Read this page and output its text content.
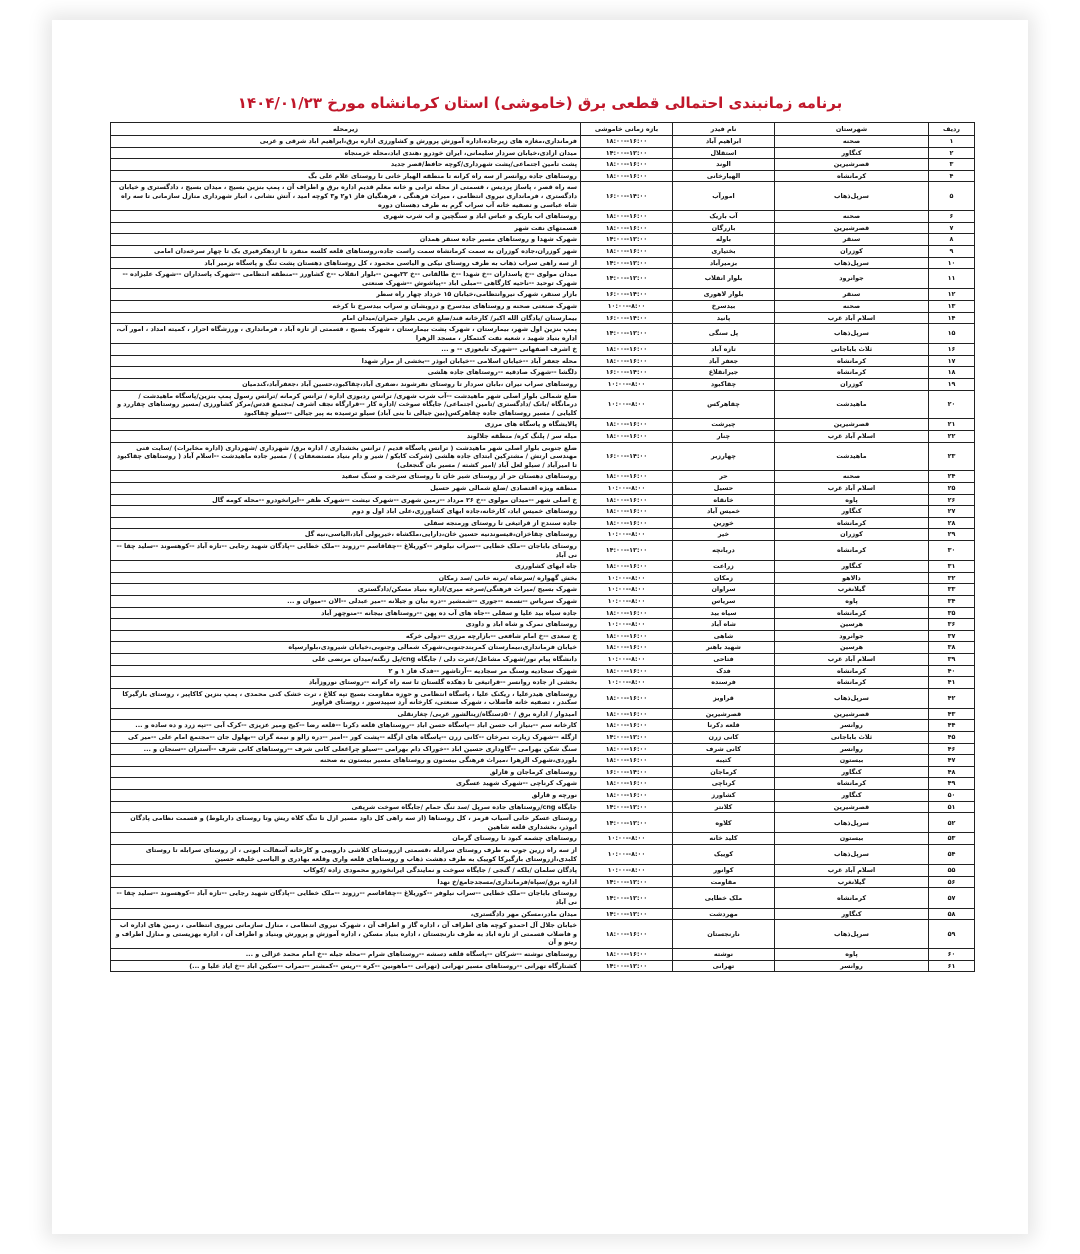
برنامه زمانبندی احتمالی قطعی برق (خاموشی) استان کرمانشاه مورخ ۱۴۰۴/۰۱/۲۳
ردیف	شهرستان	نام فیدر	بازه زمانی خاموشی	زیرمحله
۱	صحنه	ابراهیم آباد	۱۸:۰۰--۱۶:۰۰	فرمانداری،مغازه های زیرجاده،اداره آموزش پرورش و کشاورزی اداره برق،ابراهیم اباد شرقی و غربی
۲	کنگاور	استقلال	۱۴:۰۰--۱۲:۰۰	میدان ازادی،خیابان سردار سلیمانی، ایران خودرو ،هندی اباد،محله خرمنجاه
۳	قصرشیرین	الوند	۱۸:۰۰--۱۶:۰۰	پشت تامین اجتماعی/پشت شهرداری/کوچه حافظ/قصر جدید
۴	کرمانشاه	الهیارخانی	۱۸:۰۰--۱۶:۰۰	روستاهای جاده روانسر از سه راه کرانه تا منطقه الهیار خانی تا روستای غلام علی بگ
۵	سرپل‌ذهاب	امورآب	۱۶:۰۰--۱۴:۰۰	سه راه قصر ، پاساژ پردیس ، قسمتی از محله ترابی و خانه معلم قدیم اداره برق و اطراف آن ، پمپ بنزین بسیج ، میدان بسیج ، دادگستری و خیابان دادگستری ، فرمانداری نیروی انتظامی ، میراث فرهنگی ، فرهنگیان فاز ۱و۲ و۳ کوچه امید ، آتش نشانی ، انبار شهرداری منازل سازمانی تا سه راه شاه عباسی و تصفیه خانه آب سراب گرم به طرف دهستان دوره
۶	صحنه	آب باریک	۱۸:۰۰--۱۶:۰۰	روستاهای اب باریک و عباس اباد و سنگچین و اب شرب شهری
۷	قصرشیرین	بازرگان	۱۸:۰۰--۱۶:۰۰	قسمتهای نفت شهر
۸	سنقر	باوله	۱۴:۰۰--۱۲:۰۰	شهرک شهدا و روستاهای مسیر جاده سنقر همدان
۹	کوزران	بختیاری	۱۸:۰۰--۱۶:۰۰	شهر کوزران،جاده کوزران به سمت کرمانشاه سمت راست جاده،روستاهای قلعه کلسه منفرد تا ازدهکرفیری یک تا چهار سرخه‌دان امامی
۱۰	سرپل‌ذهاب	بزمیرآباد	۱۴:۰۰--۱۲:۰۰	از سه راهی سراب ذهاب به طرف روستای نیکی و الیاسی محمود ، کل روستاهای دهستان پشت تنگ و پاسگاه بزمیر آباد
۱۱	جوانرود	بلوار انقلاب	۱۴:۰۰--۱۲:۰۰	میدان مولوی --خ پاسداران --خ شهدا --خ طالقانی --خ ۲۲بهمن --بلوار انقلاب --خ کشاورز --منطقه انتظامی --شهرک پاسداران --شهرک علیزاده --شهرک توحید --ناحیه کارگاهی --مبلی اباد --پیاشوش --شهرک صنعتی
۱۲	سنقر	بلوار لاهوری	۱۶:۰۰--۱۴:۰۰	بازار سنقر، شهرک نیروانتظامی،خیابان ۱۵ خرداد چهار راه سطر
۱۳	صحنه	بیدسرخ	۱۰:۰۰--۸:۰۰	شهرک صنعتی صحنه و روستاهای بیدسرخ و درویشان و سراب بیدسرخ تا کرخه
۱۴	اسلام آباد غرب	پانید	۱۶:۰۰--۱۴:۰۰	بیمارستان /پادگان الله اکبر/ کارخانه قند/ضلع غربی بلوار جمران/میدان امام
۱۵	سرپل‌ذهاب	پل سنگی	۱۴:۰۰--۱۲:۰۰	پمپ بنزین اول شهر، بیمارستان ، شهرک پشت بیمارستان ، شهرک بسیج ، قسمتی از تازه آباد ، فرمانداری ، ورزشگاه احرار ، کمیته امداد ، امور آب، اداره بنیاد شهید ، شعبه نفت کنتمکار ، مسجد الزهرا
۱۶	ثلاث باباجانی	تازه آباد	۱۸:۰۰--۱۶:۰۰	خ اشرف اصفهانی --شهرک تابعوزی -- و ...
۱۷	کرمانشاه	جعفر آباد	۱۸:۰۰--۱۶:۰۰	محله جعفر آباد --خیابان اسلامی --خیابان ابوذر --بخشی از مزار شهدا
۱۸	کرمانشاه	جیرانقلاع	۱۶:۰۰--۱۴:۰۰	دلگشا --شهرک صادقیه --روستاهای جاده هلشی
۱۹	کوزران	چقاکبود	۱۰:۰۰--۸:۰۰	روستاهای سراب نیران ،بابان سردار تا روستای نفرشوند ،ضفری آباد،چقاکبود،حسین آباد ،جعفرآباد،کندمیان
۲۰	ماهیدشت	چقاهرکس	۱۰:۰۰--۸:۰۰	ضلع شمالی بلوار اصلی شهر ماهیدشت --آب شرب شهری/ ترانس ردیوزی اداره / ترانس کرمانه /ترانس رسول پمپ بنزین/پاسگاه ماهیدشت / درمانگاه /بانک /دادگستری /تامین اجتماعی/ جایگاه سوخت /اداره کار --قرارگاه نجف اشرف /مجتمع قدس/مرکز کشاورزی /مسیر روستاهای چقاررد و کلیایی / مسیر روستاهای جاده چقاهرکس(بین جیالی تا بنی آباد) سیلو ترسیده به پیر جیالی --سیلو چقاکبود
۲۱	قصرشیرین	چیرشت	۱۸:۰۰--۱۶:۰۰	پالایشگاه و پاسگاه های مرزی
۲۲	اسلام آباد غرب	چنار	۱۸:۰۰--۱۶:۰۰	میله سر / پلنگ کره/ منطقه جلالوند
۲۳	ماهیدشت	چهارزبر	۱۶:۰۰--۱۴:۰۰	ضلع جنوبی بلوار اصلی شهر ماهیدشت ( ترانس پاسگاه قدیم / ترانس بخشداری / اداره برق/ شهرداری /شهرداری (اداره مخابرات) /سایت فنی مهندسی ارتش / مشترکین ابتدای جاده هلشی (شرکت کابکو / شیر و دام بنیاد مستضعفان ) / مسیر جاده ماهیدشت --اسلام آباد ( روستاهای چقاکبود تا امیرآباد / سیلو لعل آباد /امیر کشته / مسیر بان گنجعلی)
۲۴	صحنه	حر	۱۸:۰۰--۱۶:۰۰	روستاهای دهستان حر از روستای شیر خان تا روستای سرخت و سنگ سفید
۲۵	اسلام آباد غرب	حسیل	۱۰:۰۰--۸:۰۰	منطقه ویژه اقتصادی /ضلع شمالی شهر حسیل
۲۶	پاوه	خانقاه	۱۸:۰۰--۱۶:۰۰	خ اصلی شهر --میدان مولوی --خ ۲۶ مرداد --زمین شهری --شهرک نیشت --شهرک ظفر --ایرانخودرو --محله کومه گال
۲۷	کنگاور	خمیس آباد	۱۸:۰۰--۱۶:۰۰	روستاهای خمیس اباد، کارخانه،جاده ابهای کشاورزی،علی اباد اول و دوم
۲۸	کرمانشاه	خورین	۱۸:۰۰--۱۶:۰۰	جاده سنندج از قراتیغی تا روستای ورمنجه سفلی
۲۹	کوزران	خیر	۱۰:۰۰--۸:۰۰	روستاهای چقاخزان،قیسوندنیه حسین خان،دارایی،ملکشاه ،خیرپولی آباد،الیاسی،نیه گل
۳۰	کرمانشاه	دربانچه	۱۴:۰۰--۱۲:۰۰	روستای باباجان --ملک خطایی --سراب نیلوفر --کوریلاغ --چقاقاسم --رزوند --ملک خطایی --پادگان شهید رجایی --تازه آباد --کوهسوند --سلید چقا --نی آباد
۳۱	کنگاور	زراعت	۱۸:۰۰--۱۶:۰۰	جاه ابهای کشاورزی
۳۲	دالاهو	زمکان	۱۰:۰۰--۸:۰۰	بخش گهواره /سرشاه /برنه خانی /سد زمکان
۳۳	گیلانغرب	سراوان	۱۰:۰۰--۸:۰۰	شهرک بسیج /میراث فرهنگی/سرخه میری/اداره بنیاد مسکن/دادگستری
۳۴	پاوه	سریاس	۱۰:۰۰--۸:۰۰	شهرک سریاس --نسمه --جوری --شمشیر --دره بیان و جیلانه --میر عبدلی --الان --میوان و ...
۳۵	کرمانشاه	سیاه بید	۱۸:۰۰--۱۶:۰۰	جاده سیاه بید علیا و سفلی --جاه های آب ده پهن --روستاهای بیجانه --منوچهر آباد
۳۶	هرسین	شاه آباد	۱۰:۰۰--۸:۰۰	روستاهای نمرک و شاه اباد و داودی
۳۷	جوانرود	شاهی	۱۸:۰۰--۱۶:۰۰	خ سعدی --خ امام شافعی --بازارچه مرزی --دولی خرکه
۳۸	هرسین	شهید باهنر	۱۸:۰۰--۱۶:۰۰	خیابان فرمانداری،بیمارستان کمربندجنوبی،شهرک شمالی وجنوبی،خیابان شیرودی،بلوارسپاه
۳۹	اسلام آباد غرب	فتاحی	۱۰:۰۰--۸:۰۰	دانشگاه پیام نور/شهرک مشاغل/عترت دلی / جایگاه cng/پل زنگنه/میدان مرتضی علی
۴۰	کرمانشاه	فدک	۱۸:۰۰--۱۶:۰۰	شهرک سجادیه وسنگ مر سجادیه --آرتاشهر --فدک فاز ۱ و ۲
۴۱	کرمانشاه	فرسنده	۱۰:۰۰--۸:۰۰	بخشی از جاده روانسر --قراتیغی تا دهکده گلستان تا سه راه کرانه --روستای نوروزآباد
۴۲	سرپل‌ذهاب	قراویز	۱۸:۰۰--۱۶:۰۰	روستاهای هیدرعلیا ، ریکنک علیا ، پاسگاه انتظامی و حوزه مقاومت بسیج تپه کلاغ ، ترت خشک کنی محمدی ، پمپ بنزین کاکاپیر ، روستای بازگیرکا سکندر ، تصفیه خانه فاضلاب ، شهرک صنعتی، کارخانه آرد سپیدسور ، روستای قراویز
۴۳	قصرشیرین	قصرشیرین	۱۸:۰۰--۱۶:۰۰	امیدوار / اداره برق / ۵۰دستگاه/زینالشور غربی/ چغارنقلی
۴۴	روانسر	قلعه دکرنا	۱۸:۰۰--۱۶:۰۰	کارخانه سم --بنیاز اب حسن اباد --پاسگاه حسن اباد --روستاهای قلعه دکرنا --قلعه رضا --کیج ومیر عزیزی --کرک آبی --تپه زرد و ده ساده و ...
۴۵	ثلاث باباجانی	کانی زرن	۱۴:۰۰--۱۲:۰۰	ازگله --شهرک زیارت تمرخان --کانی زرن --پاسگاه های ازگله --پشت کور --امیر --دره زالو و نیمه گران --بهلول جان --مجتمع امام علی --میر کی
۴۶	روانسر	کانی شرف	۱۸:۰۰--۱۶:۰۰	سنگ شکن بهرامی --گاوداری حسین اباد --خوراک دام بهرامی --سیلو چراغعلی کانی شرف --روستاهای کانی شرف --آستران --سنجان و ...
۴۷	بیستون	کتیبه	۱۸:۰۰--۱۶:۰۰	بلوردی،شهرک الزهرا ،میراث فرهنگی بیستون و روستاهای مسیر بیستون به صحنه
۴۸	کنگاور	کرماجان	۱۶:۰۰--۱۴:۰۰	روستاهای کرماجان و قارلق
۴۹	کرمانشاه	کرناچی	۱۸:۰۰--۱۶:۰۰	شهرک کرناچی --شهرک شهید عسگری
۵۰	کنگاور	کشاورز	۱۸:۰۰--۱۶:۰۰	نورچه و قارلق
۵۱	قصرشیرین	کلانتر	۱۴:۰۰--۱۲:۰۰	جایگاه cng/روستاهای جاده سرپل /سد تنگ حمام /جایگاه سوخت شریفی
۵۲	سرپل‌ذهاب	کلاوه	۱۴:۰۰--۱۲:۰۰	روستای عسکر خانی آسیاب قرمز ، کل روستاها (از سه راهی کل داود مسیر ازل تا تنگ کلاه ریش وتا روستای داربلوط) و قسمت نظامی پادگان ابوذر، بخشداری قلعه شاهین
۵۳	بیستون	کلید خانه	۱۰:۰۰--۸:۰۰	روستاهای چشمه کبود تا روستای گرمان
۵۴	سرپل‌ذهاب	کوییک	۱۰:۰۰--۸:۰۰	از سه راه زرین جوب به طرف روستای سرابله ،قسمتی ازروستای کلاشی داروییی و کارخانه آسفالت ابونی ، از روستای سرابله تا روستای کلبدی،ازروستای بازگیرکا کوییک به طرف دهشت ذهاب و روستاهای قلعه واری وقلعه بهادری و الیاسی خلیفه حسین
۵۵	اسلام آباد غرب	کوانور	۱۰:۰۰--۸:۰۰	پادگان سلمان /بلکه / گنجی / جایگاه سوخت و نمایندگی ایرانخودرو محمودی زاده /کوکاب
۵۶	گیلانغرب	مقاومت	۱۴:۰۰--۱۲:۰۰	اداره برق/سپاه/فرمانداری/مسجدجامع/خ نهدا
۵۷	کرمانشاه	ملک خطایی	۱۴:۰۰--۱۲:۰۰	روستای باباجان --ملک خطایی --سراب نیلوفر --کوریلاغ --چقاقاسم --رزوند --ملک خطایی --پادگان شهید رجایی --تازه آباد --کوهسوند --سلید چقا --نی آباد
۵۸	کنگاور	مهردشت	۱۴:۰۰--۱۲:۰۰	میدان مادر،مسکن مهر دادگستری،
۵۹	سرپل‌ذهاب	نارنجستان	۱۸:۰۰--۱۶:۰۰	خیابان جلال آل احمدو کوچه های اطراف آن ، اداره گاز و اطراف آن ، شهرک نیروی انتظامی ، منازل سازمانی نیروی انتظامی ، زمین های اداره اب و فاضلاب قسمتی از تازه اباد به طرف نارنجستان ، اداره بنیاد مسکن ، اداره آموزش و پرورش وبنیاد و اطراف آن ، اداره بهزیستی و منازل اطراف و ریتو و آن
۶۰	پاوه	نوشته	۱۸:۰۰--۱۶:۰۰	روستاهای نوشته --شرکان --پاسگاه قلقه دسشه --روستاهای شرام --محله جیله --خ امام محمد غزالی و ...
۶۱	روانسر	تهرانی	۱۴:۰۰--۱۲:۰۰	کشتارگاه تهرانی --روستاهای مسیر تهرانی (تهرانی --ماهونین --کره --ریس --کمشتر --تمراب --سکین اباد --خ ایاد علیا و ...)
